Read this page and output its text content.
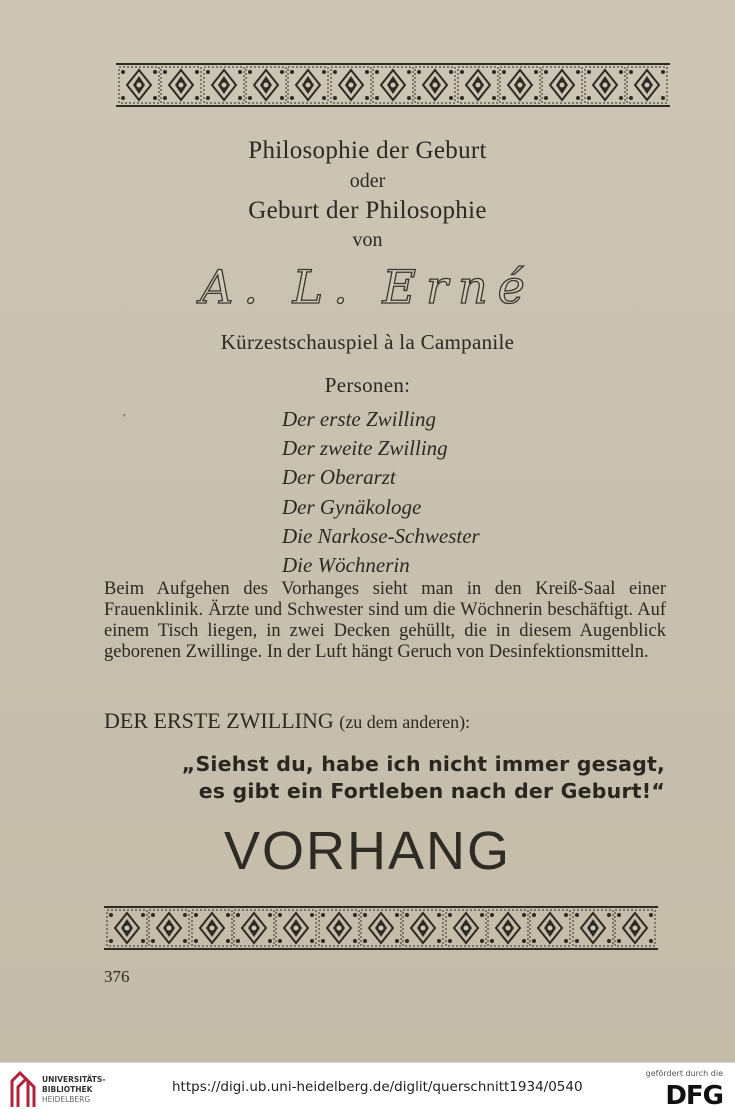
Philosophie der Geburt
oder
Geburt der Philosophie
von
A. L. Erné
Kürzestschauspiel à la Campanile
Personen:
´	Der erste Zwilling
Der zweite Zwilling
Der Oberarzt
Der Gynäkologe
Die Narkose-Schwester
Die Wöchnerin
Beim Aufgehen des Vorhanges sieht man in den Kreiß-Saal einer Frauenklinik. Ärzte und Schwester sind um die Wöchnerin beschäftigt. Auf einem Tisch liegen, in zwei Decken gehüllt, die in diesem Augenblick geborenen Zwillinge. In der Luft hängt Geruch von Desinfektionsmitteln.
DER ERSTE ZWILLING (zu dem anderen):
„Siehst du, habe ich nicht immer gesagt,
es gibt ein Fortleben nach der Geburt!“
VORHANG
376
UNIVERSITÄTS-
BIBLIOTHEK
HEIDELBERG
https://digi.ub.uni-heidelberg.de/diglit/querschnitt1934/0540
gefördert durch die
DFG
